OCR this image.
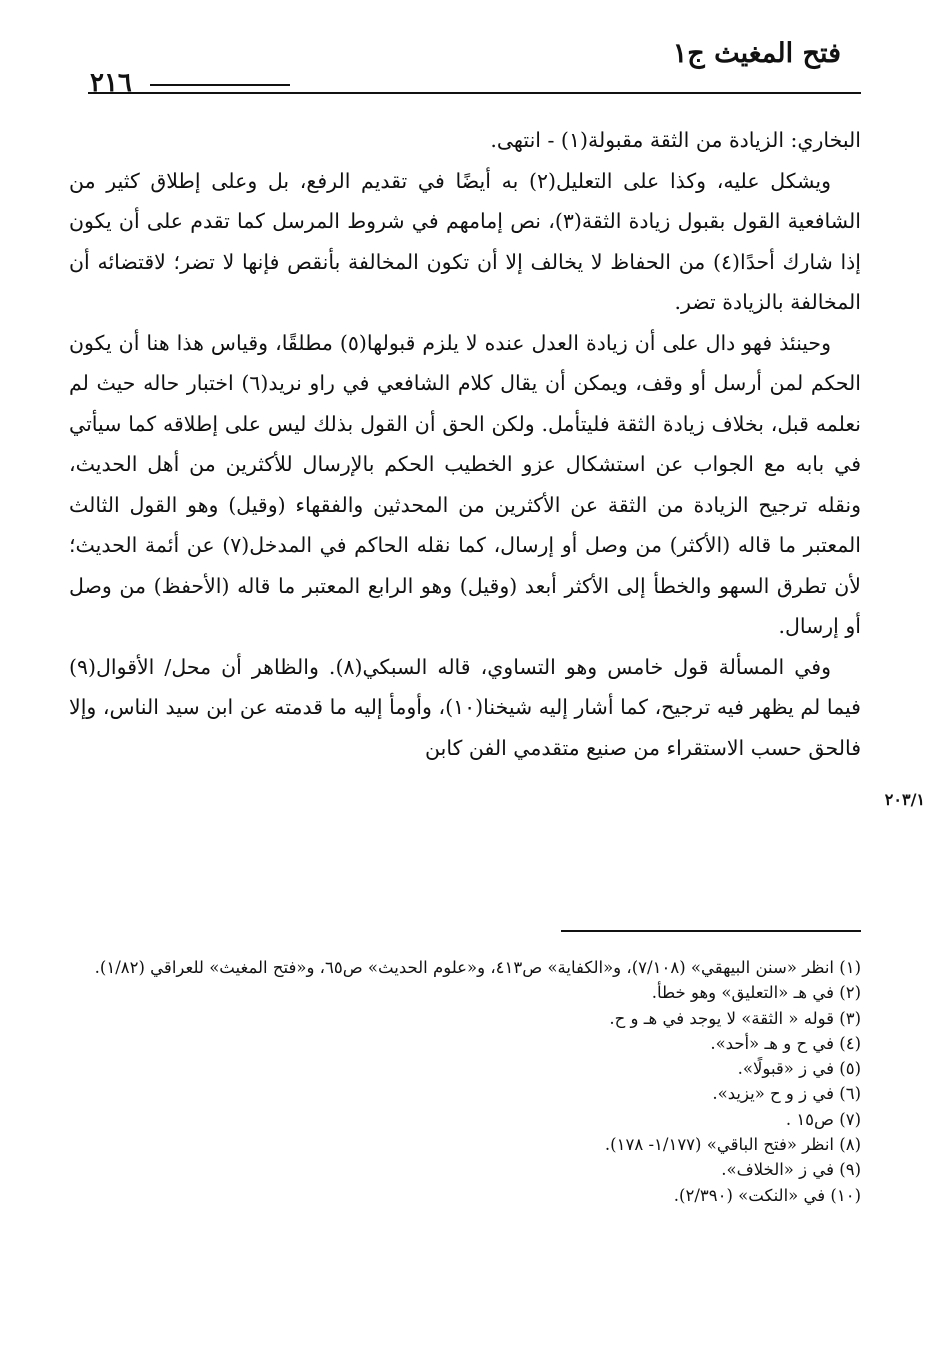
فتح المغيث ج١
٢١٦
٢٠٣/١

البخاري: الزيادة من الثقة مقبولة(١) - انتهى.

ويشكل عليه، وكذا على التعليل(٢) به أيضًا في تقديم الرفع، بل وعلى إطلاق كثير من الشافعية القول بقبول زيادة الثقة(٣)، نص إمامهم في شروط المرسل كما تقدم على أن يكون إذا شارك أحدًا(٤) من الحفاظ لا يخالف إلا أن تكون المخالفة بأنقص فإنها لا تضر؛ لاقتضائه أن المخالفة بالزيادة تضر.

وحينئذ فهو دال على أن زيادة العدل عنده لا يلزم قبولها(٥) مطلقًا، وقياس هذا هنا أن يكون الحكم لمن أرسل أو وقف، ويمكن أن يقال كلام الشافعي في راو نريد(٦) اختبار حاله حيث لم نعلمه قبل، بخلاف زيادة الثقة فليتأمل. ولكن الحق أن القول بذلك ليس على إطلاقه كما سيأتي في بابه مع الجواب عن استشكال عزو الخطيب الحكم بالإرسال للأكثرين من أهل الحديث، ونقله ترجيح الزيادة من الثقة عن الأكثرين من المحدثين والفقهاء (وقيل) وهو القول الثالث المعتبر ما قاله (الأكثر) من وصل أو إرسال، كما نقله الحاكم في المدخل(٧) عن أئمة الحديث؛ لأن تطرق السهو والخطأ إلى الأكثر أبعد (وقيل) وهو الرابع المعتبر ما قاله (الأحفظ) من وصل أو إرسال.

وفي المسألة قول خامس وهو التساوي، قاله السبكي(٨). والظاهر أن محل/ الأقوال(٩) فيما لم يظهر فيه ترجيح، كما أشار إليه شيخنا(١٠)، وأومأ إليه ما قدمته عن ابن سيد الناس، وإلا فالحق حسب الاستقراء من صنيع متقدمي الفن كابن

(١) انظر «سنن البيهقي» (٧/١٠٨)، و«الكفاية» ص٤١٣، و«علوم الحديث» ص٦٥، و«فتح المغيث» للعراقي (١/٨٢).

(٢) في هـ «التعليق» وهو خطأ.

(٣) قوله « الثقة» لا يوجد في هـ و ح.

(٤) في ح و هـ «أحد».

(٥) في ز «قبولًا».

(٦) في ز و ح «يزيد».

(٧) ص١٥ .

(٨) انظر «فتح الباقي» (١/١٧٧- ١٧٨).

(٩) في ز «الخلاف».

(١٠) في «النكت» (٢/٣٩٠).
